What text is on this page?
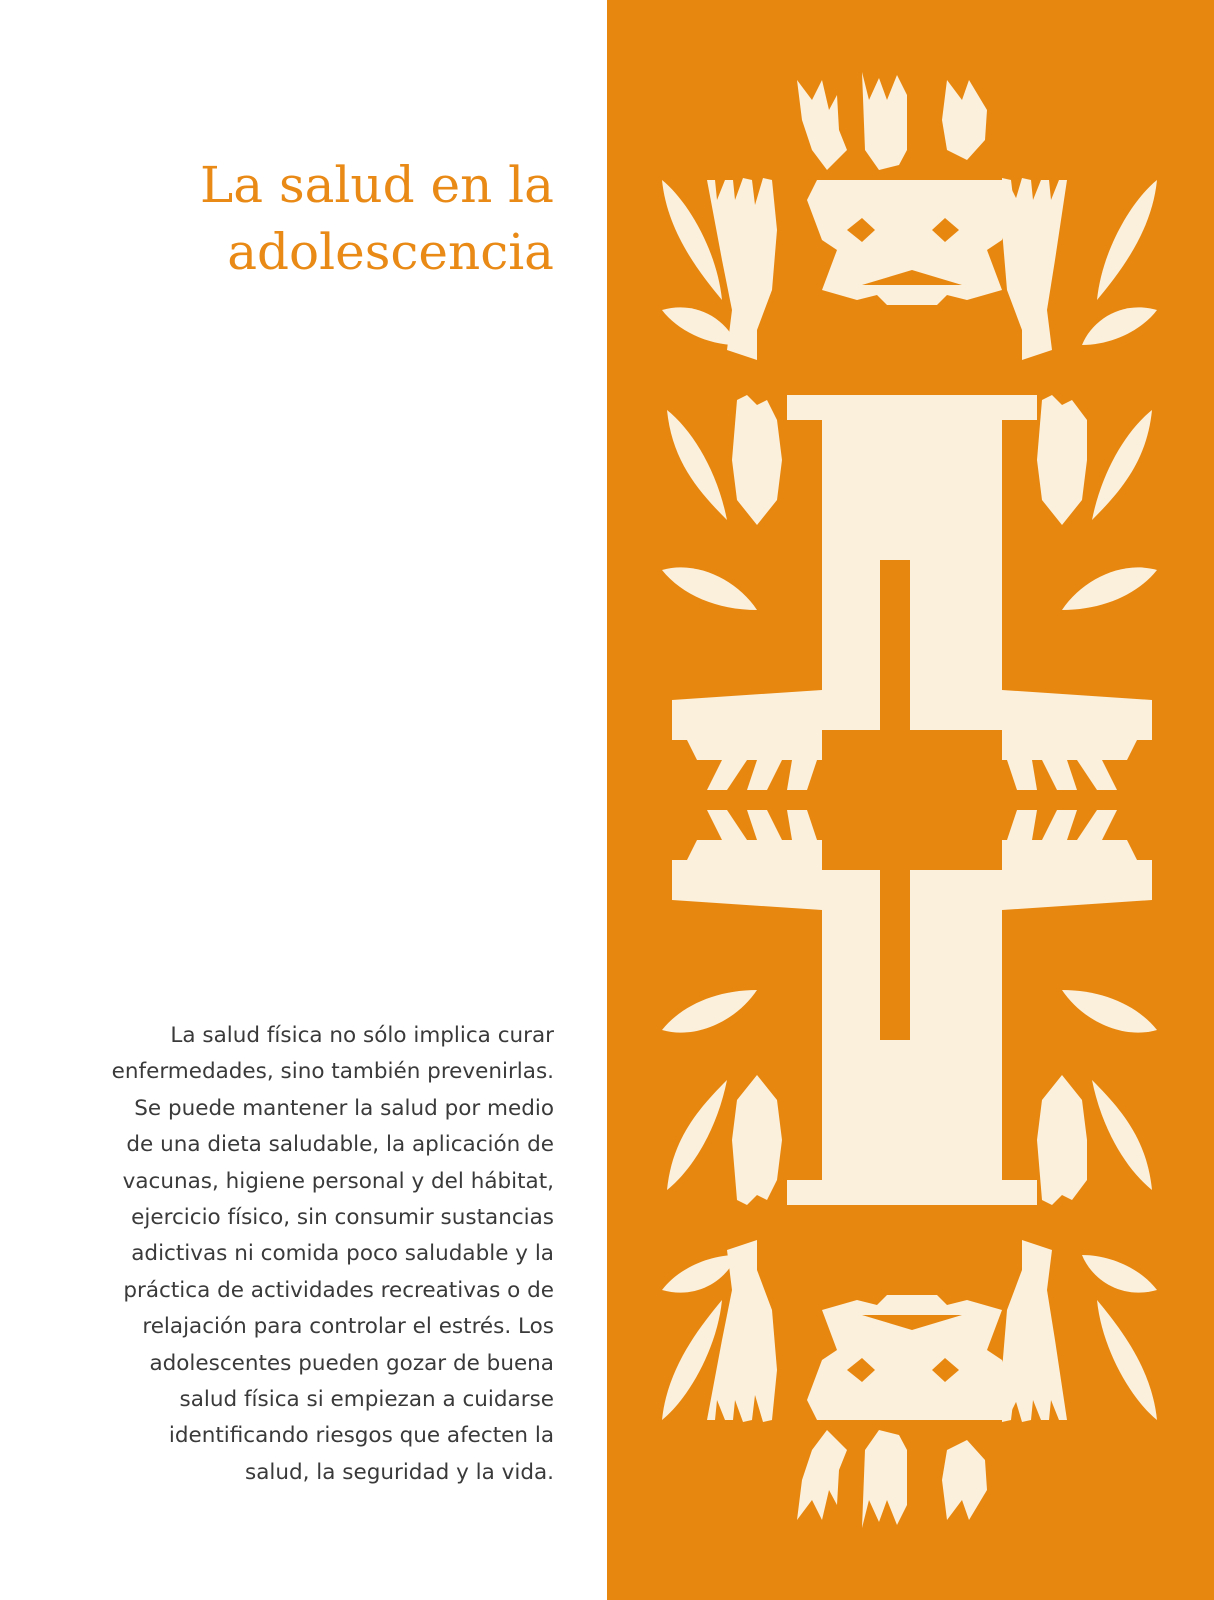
La salud en la
adolescencia
La salud física no sólo implica curar
enfermedades, sino también prevenirlas.
Se puede mantener la salud por medio
de una dieta saludable, la aplicación de
vacunas, higiene personal y del hábitat,
ejercicio físico, sin consumir sustancias
adictivas ni comida poco saludable y la
práctica de actividades recreativas o de
relajación para controlar el estrés. Los
adolescentes pueden gozar de buena
salud física si empiezan a cuidarse
identificando riesgos que afecten la
salud, la seguridad y la vida.
